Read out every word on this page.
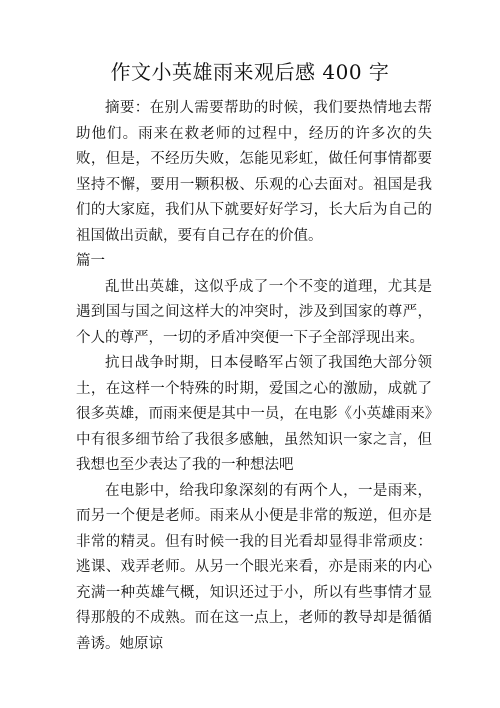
作文小英雄雨来观后感 400 字

摘要：在别人需要帮助的时候，我们要热情地去帮助他们。雨来在救老师的过程中，经历的许多次的失败，但是，不经历失败，怎能见彩虹，做任何事情都要坚持不懈，要用一颗积极、乐观的心去面对。祖国是我们的大家庭，我们从下就要好好学习，长大后为自己的祖国做出贡献，要有自己存在的价值。

篇一

乱世出英雄，这似乎成了一个不变的道理，尤其是遇到国与国之间这样大的冲突时，涉及到国家的尊严，个人的尊严，一切的矛盾冲突便一下子全部浮现出来。

抗日战争时期，日本侵略军占领了我国绝大部分领土，在这样一个特殊的时期，爱国之心的激励，成就了很多英雄，而雨来便是其中一员，在电影《小英雄雨来》中有很多细节给了我很多感触，虽然知识一家之言，但我想也至少表达了我的一种想法吧

在电影中，给我印象深刻的有两个人，一是雨来，而另一个便是老师。雨来从小便是非常的叛逆，但亦是非常的精灵。但有时候一我的目光看却显得非常顽皮：逃课、戏弄老师。从另一个眼光来看，亦是雨来的内心充满一种英雄气概，知识还过于小，所以有些事情才显得那般的不成熟。而在这一点上，老师的教导却是循循善诱。她原谅
